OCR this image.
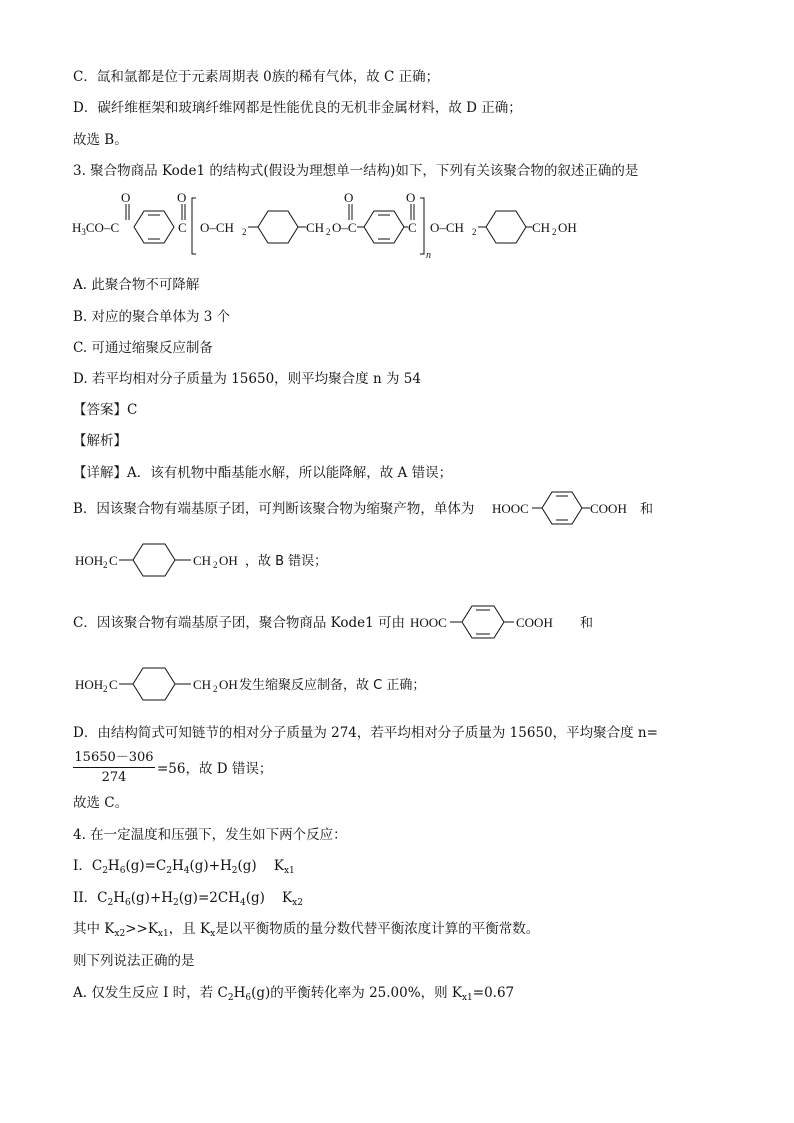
C．氙和氩都是位于元素周期表 0族的稀有气体，故 C 正确；
D．碳纤维框架和玻璃纤维网都是性能优良的无机非金属材料，故 D 正确；
故选 B。
3. 聚合物商品 Kode1 的结构式(假设为理想单一结构)如下，下列有关该聚合物的叙述正确的是
$H_3CO-C$
O
C
O
O–CH 2	CH 2 O–C
O
C
O
n
O–CH 2	CH 2 OH
A. 此聚合物不可降解
B. 对应的聚合单体为 3 个
C. 可通过缩聚反应制备
D. 若平均相对分子质量为 15650，则平均聚合度 n 为 54
【答案】C
【解析】
【详解】A．该有机物中酯基能水解，所以能降解，故 A 错误；
B．因该聚合物有端基原子团，可判断该聚合物为缩聚产物，单体为 HOOC	COOH 和
HOH 2 C	CH 2 OH ，故 B 错误；
C．因该聚合物有端基原子团，聚合物商品 Kode1 可由 HOOC	COOH 和
HOH 2 C	CH 2 OH 发生缩聚反应制备，故 C 正确；
D．由结构简式可知链节的相对分子质量为 274，若平均相对分子质量为 15650，平均聚合度 n=
15650－306
274
=56，故 D 错误；
故选 C。
4. 在一定温度和压强下，发生如下两个反应：
I．$C_2H_6(g)=C_2H_4(g)+H_2(g)$    $K_{x1}$
II．$C_2H_6(g)+H_2(g)=2CH_4(g)$    $K_{x2}$
其中 $K_{x2}>>K_{x1}$，且 $K_x$是以平衡物质的量分数代替平衡浓度计算的平衡常数。
则下列说法正确的是
A. 仅发生反应 I 时，若 $C_2H_6(g)$的平衡转化率为 25.00%，则 $K_{x1}=0.67$
